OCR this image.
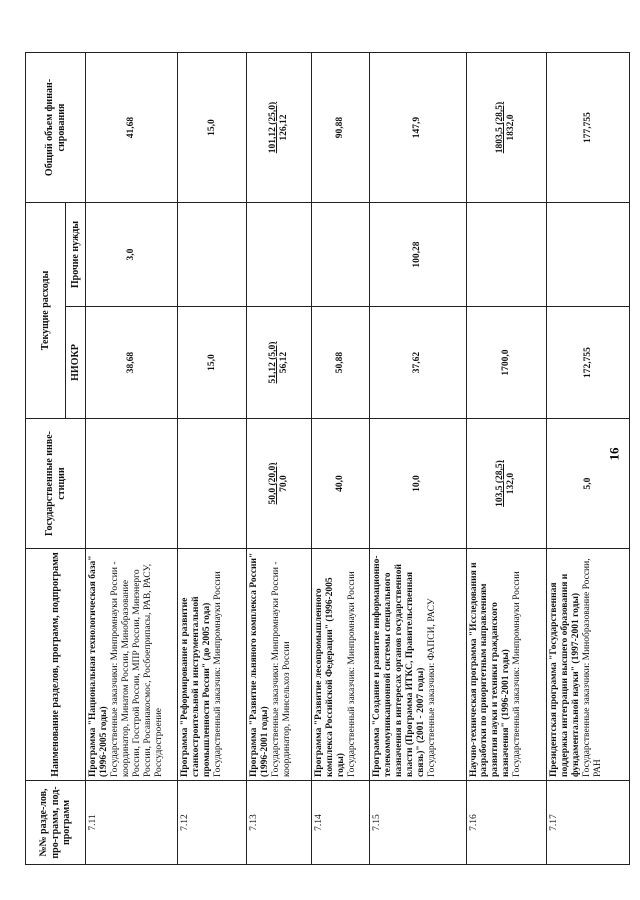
№№ разде-лов, про-грамм, под-программ	Наименование разделов, программ, подпрограмм	Государственные инве-стиции	Текущие расходы		Общий объем финан-сирования
			НИОКР	Прочие нужды	
7.11	Программа "Национальная технологическая база" (1996-2005 годы) Государственные заказчики: Минпромнауки России - координатор, Минатом России, Минобразование России, Госстрой России, МПР России, Минэнерго России, Росавиакосмос, Росбоеприпасы, РАВ, РАСУ, Россудостроение		38,68	3,0	41,68
7.12	Программа "Реформирование и развитие станкостроительной и инструментальной промышленности России" (до 2005 года) Государственный заказчик: Минпромнауки России		15,0		15,0
7.13	Программа "Развитие льняного комплекса России" (1996-2001 годы) Государственные заказчики: Минпромнауки России - координатор, Минсельхоз России	50,0 (20,0) 70,0	51,12 (5,0) 56,12		101,12 (25,0) 126,12
7.14	Программа "Развитие лесопромышленного комплекса Российской Федерации" (1996-2005 годы) Государственный заказчик: Минпромнауки России	40,0	50,88		90,88
7.15	Программа "Создание и развитие информационно-телекоммуникационной системы специального назначения в интересах органов государственной власти (Программа ИТКС, Правительственная связь)" (2001 - 2007 годы) Государственные заказчики: ФАПСИ, РАСУ	10,0	37,62	100,28	147,9
7.16	Научно-техническая программа "Исследования и разработки по приоритетным направлениям развития науки и техники гражданского назначения" (1996-2001 годы) Государственный заказчик: Минпромнауки России	103,5 (28,5) 132,0	1700,0		1803,5 (28,5) 1832,0
7.17	Президентская программа "Государственная поддержка интеграции высшего образования и фундаментальной науки" (1997-2001 годы) Государственные заказчики: Минобразование России, РАН	5,0	172,755		177,755
16
